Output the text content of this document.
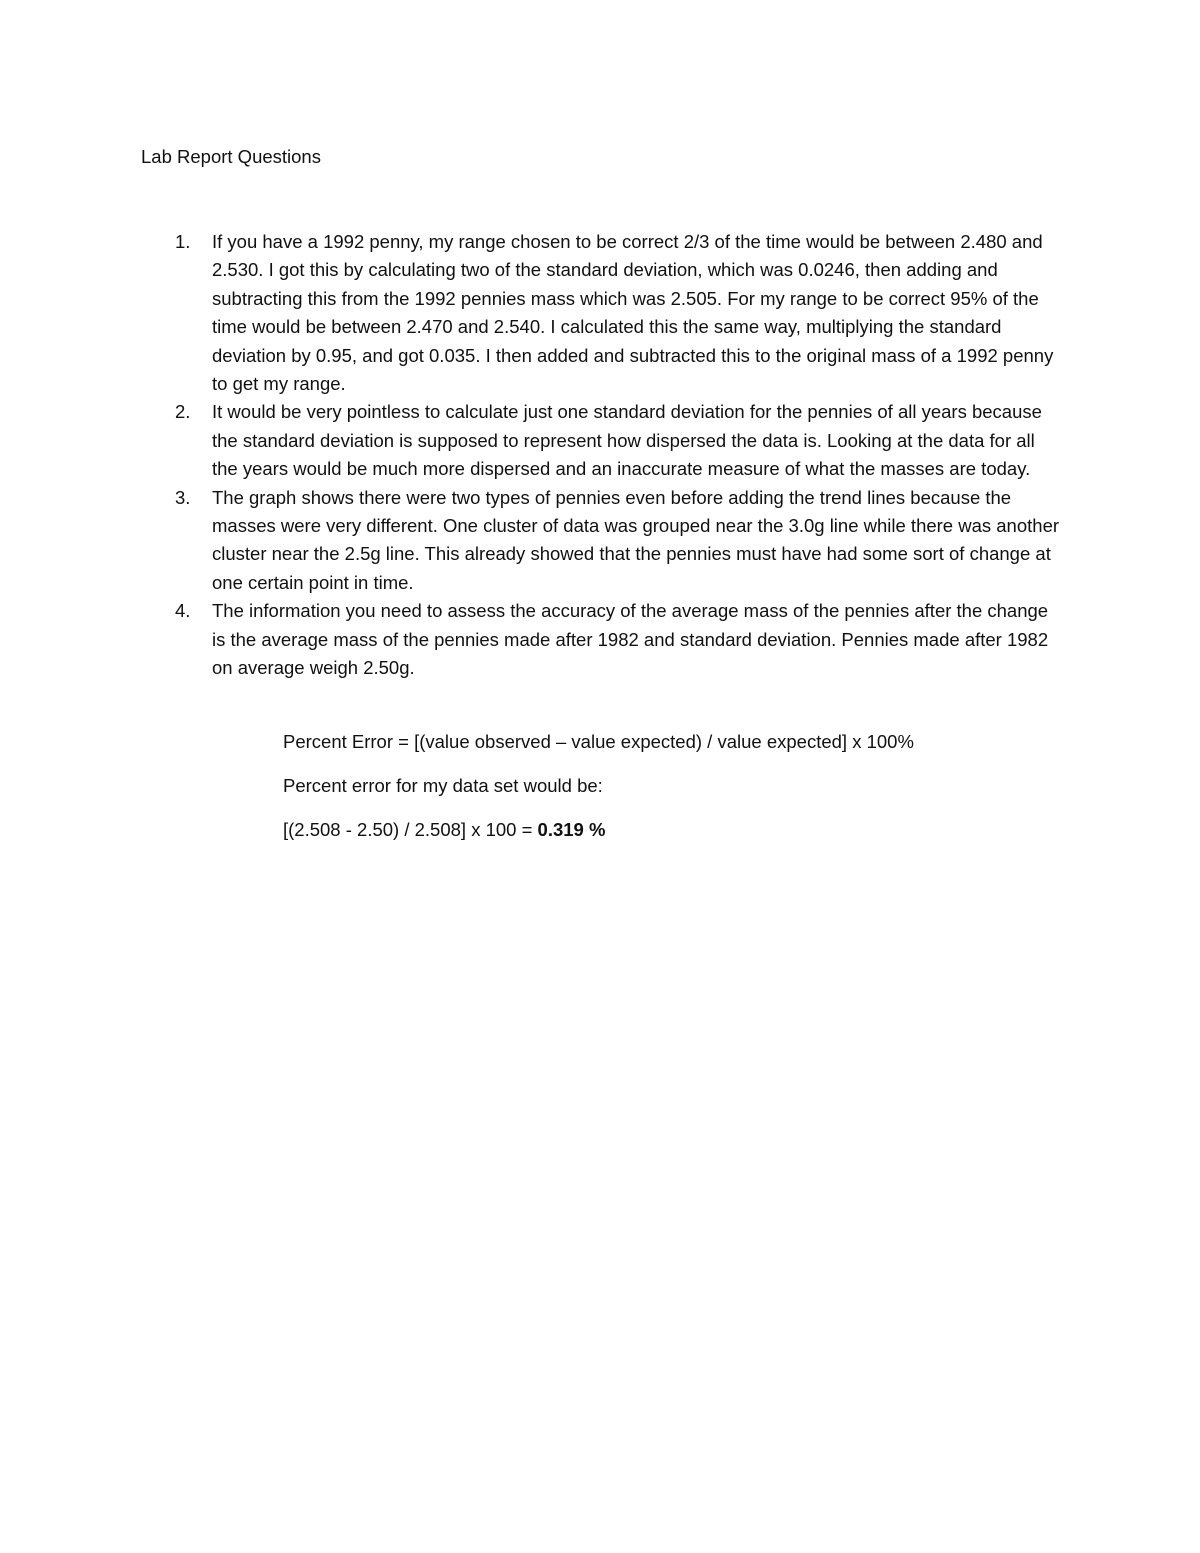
Lab Report Questions
1. If you have a 1992 penny, my range chosen to be correct 2/3 of the time would be between 2.480 and 2.530. I got this by calculating two of the standard deviation, which was 0.0246, then adding and subtracting this from the 1992 pennies mass which was 2.505. For my range to be correct 95% of the time would be between 2.470 and 2.540. I calculated this the same way, multiplying the standard deviation by 0.95, and got 0.035. I then added and subtracted this to the original mass of a 1992 penny to get my range.
2. It would be very pointless to calculate just one standard deviation for the pennies of all years because the standard deviation is supposed to represent how dispersed the data is. Looking at the data for all the years would be much more dispersed and an inaccurate measure of what the masses are today.
3. The graph shows there were two types of pennies even before adding the trend lines because the masses were very different. One cluster of data was grouped near the 3.0g line while there was another cluster near the 2.5g line. This already showed that the pennies must have had some sort of change at one certain point in time.
4. The information you need to assess the accuracy of the average mass of the pennies after the change is the average mass of the pennies made after 1982 and standard deviation. Pennies made after 1982 on average weigh 2.50g.

Percent Error = [(value observed – value expected) / value expected] x 100%

Percent error for my data set would be:

[(2.508 - 2.50) / 2.508] x 100 = 0.319 %
